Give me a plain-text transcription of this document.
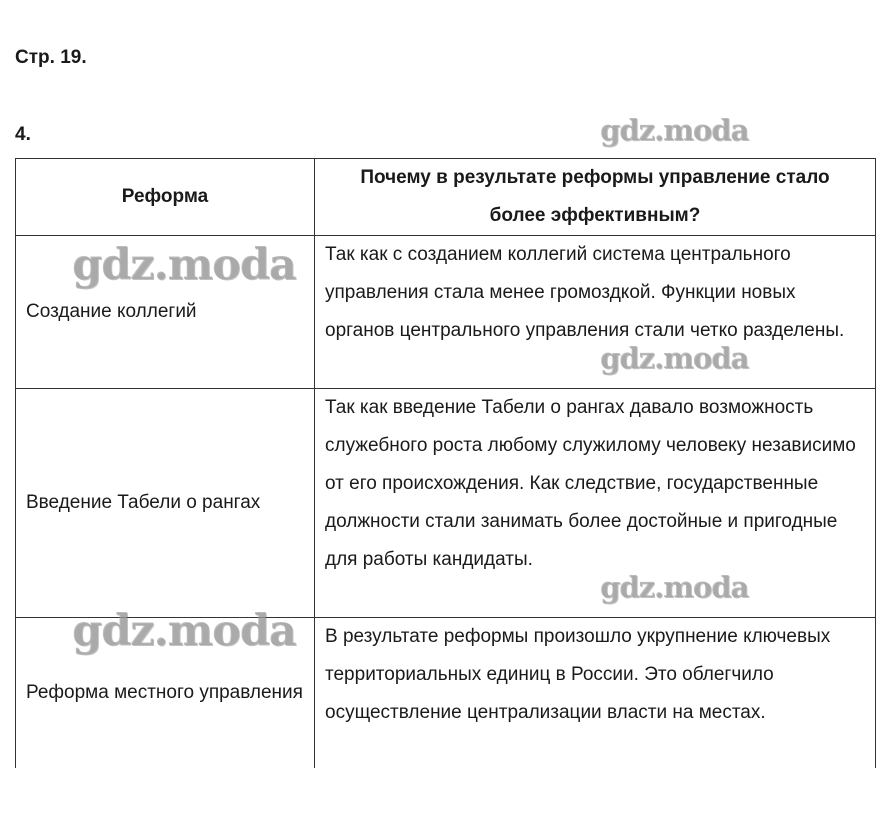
Стр. 19.
4.
Реформа	Почему в результате реформы управление стало более эффективным?
Создание коллегий	Так как с созданием коллегий система центрального управления стала менее громоздкой. Функции новых органов центрального управления стали четко разделены.
Введение Табели о рангах	Так как введение Табели о рангах давало возможность служебного роста любому служилому человеку независимо от его происхождения. Как следствие, государственные должности стали занимать более достойные и пригодные для работы кандидаты.
Реформа местного управления	В результате реформы произошло укрупнение ключевых территориальных единиц в России. Это облегчило осуществление централизации власти на местах.
gdz.moda
gdz.moda
gdz.moda
gdz.moda
gdz.moda
